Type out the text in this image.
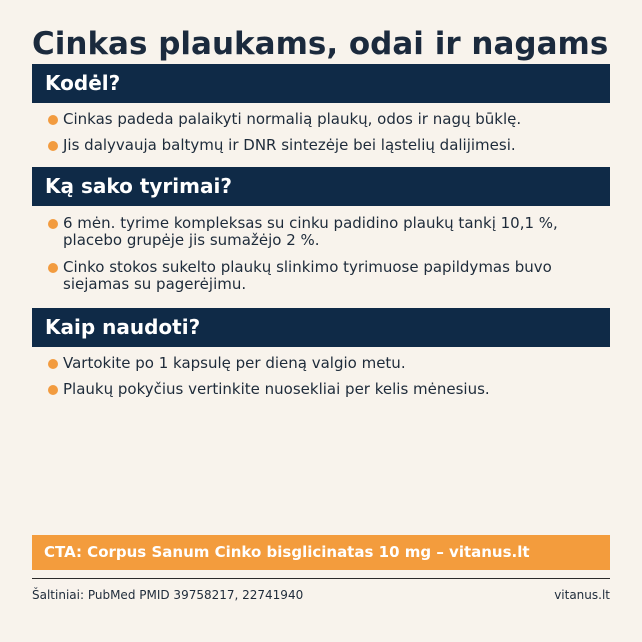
Cinkas plaukams, odai ir nagams
Kodėl?
Cinkas padeda palaikyti normalią plaukų, odos ir nagų būklę.
Jis dalyvauja baltymų ir DNR sintezėje bei ląstelių dalijimesi.
Ką sako tyrimai?
6 mėn. tyrime kompleksas su cinku padidino plaukų tankį 10,1 %, placebo grupėje jis sumažėjo 2 %.
Cinko stokos sukelto plaukų slinkimo tyrimuose papildymas buvo siejamas su pagerėjimu.
Kaip naudoti?
Vartokite po 1 kapsulę per dieną valgio metu.
Plaukų pokyčius vertinkite nuosekliai per kelis mėnesius.
CTA: Corpus Sanum Cinko bisglicinatas 10 mg – vitanus.lt
Šaltiniai: PubMed PMID 39758217, 22741940	vitanus.lt
